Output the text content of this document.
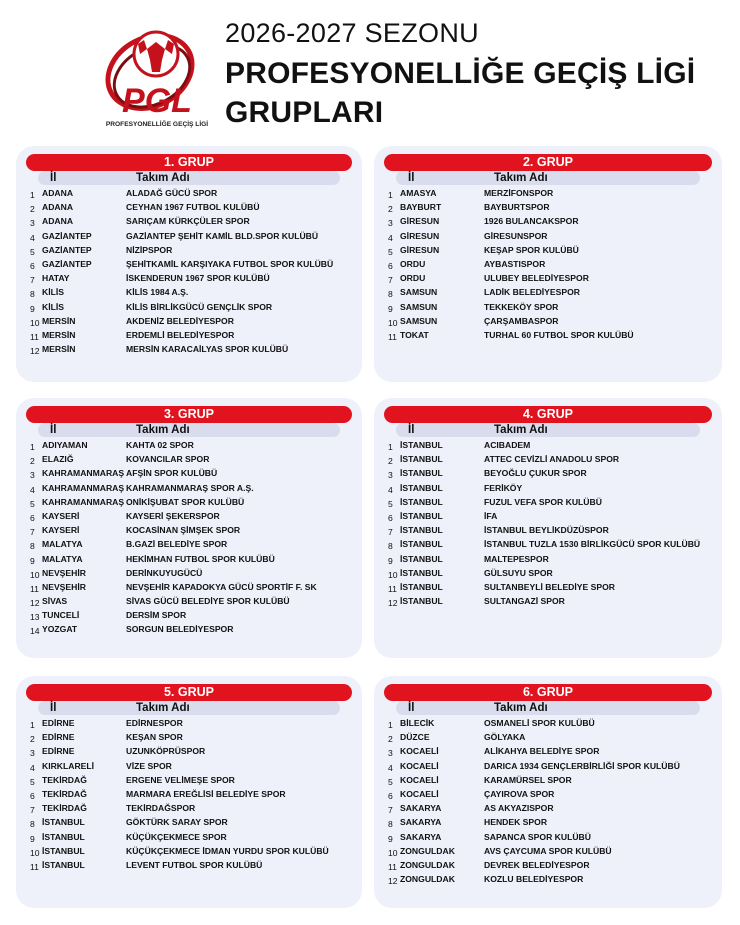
PGL
PROFESYONELLİĞE GEÇİŞ LİGİ
2026-2027 SEZONU
PROFESYONELLİĞE GEÇİŞ LİGİ
GRUPLARI
1. GRUP
İl	Takım Adı
1 ADANA	ALADAĞ GÜCÜ SPOR
2 ADANA	CEYHAN 1967 FUTBOL KULÜBÜ
3 ADANA	SARIÇAM KÜRKÇÜLER SPOR
4 GAZİANTEP	GAZİANTEP ŞEHİT KAMİL BLD.SPOR KULÜBÜ
5 GAZİANTEP	NİZİPSPOR
6 GAZİANTEP	ŞEHİTKAMİL KARŞIYAKA FUTBOL SPOR KULÜBÜ
7 HATAY	İSKENDERUN 1967 SPOR KULÜBÜ
8 KİLİS	KİLİS 1984 A.Ş.
9 KİLİS	KİLİS BİRLİKGÜCÜ GENÇLİK SPOR
10 MERSİN	AKDENİZ BELEDİYESPOR
11 MERSİN	ERDEMLİ BELEDİYESPOR
12 MERSİN	MERSİN KARACAİLYAS SPOR KULÜBÜ
2. GRUP
İl	Takım Adı
1 AMASYA	MERZİFONSPOR
2 BAYBURT	BAYBURTSPOR
3 GİRESUN	1926 BULANCAKSPOR
4 GİRESUN	GİRESUNSPOR
5 GİRESUN	KEŞAP SPOR KULÜBÜ
6 ORDU	AYBASTISPOR
7 ORDU	ULUBEY BELEDİYESPOR
8 SAMSUN	LADİK BELEDİYESPOR
9 SAMSUN	TEKKEKÖY SPOR
10 SAMSUN	ÇARŞAMBASPOR
11 TOKAT	TURHAL 60 FUTBOL SPOR KULÜBÜ
3. GRUP
İl	Takım Adı
1 ADIYAMAN	KAHTA 02 SPOR
2 ELAZIĞ	KOVANCILAR SPOR
3 KAHRAMANMARAŞ AFŞİN SPOR KULÜBÜ
4 KAHRAMANMARAŞ KAHRAMANMARAŞ SPOR A.Ş.
5 KAHRAMANMARAŞ ONİKİŞUBAT SPOR KULÜBÜ
6 KAYSERİ	KAYSERİ ŞEKERSPOR
7 KAYSERİ	KOCASİNAN ŞİMŞEK SPOR
8 MALATYA	B.GAZİ BELEDİYE SPOR
9 MALATYA	HEKİMHAN FUTBOL SPOR KULÜBÜ
10 NEVŞEHİR	DERİNKUYUGÜCÜ
11 NEVŞEHİR	NEVŞEHİR KAPADOKYA GÜCÜ SPORTİF F. SK
12 SİVAS	SİVAS GÜCÜ BELEDİYE SPOR KULÜBÜ
13 TUNCELİ	DERSİM SPOR
14 YOZGAT	SORGUN BELEDİYESPOR
4. GRUP
İl	Takım Adı
1 İSTANBUL	ACIBADEM
2 İSTANBUL	ATTEC CEVİZLİ ANADOLU SPOR
3 İSTANBUL	BEYOĞLU ÇUKUR SPOR
4 İSTANBUL	FERİKÖY
5 İSTANBUL	FUZUL VEFA SPOR KULÜBÜ
6 İSTANBUL	İFA
7 İSTANBUL	İSTANBUL BEYLİKDÜZÜSPOR
8 İSTANBUL	İSTANBUL TUZLA 1530 BİRLİKGÜCÜ SPOR KULÜBÜ
9 İSTANBUL	MALTEPESPOR
10 İSTANBUL	GÜLSUYU SPOR
11 İSTANBUL	SULTANBEYLİ BELEDİYE SPOR
12 İSTANBUL	SULTANGAZİ SPOR
5. GRUP
İl	Takım Adı
1 EDİRNE	EDİRNESPOR
2 EDİRNE	KEŞAN SPOR
3 EDİRNE	UZUNKÖPRÜSPOR
4 KIRKLARELİ	VİZE SPOR
5 TEKİRDAĞ	ERGENE VELİMEŞE SPOR
6 TEKİRDAĞ	MARMARA EREĞLİSİ BELEDİYE SPOR
7 TEKİRDAĞ	TEKİRDAĞSPOR
8 İSTANBUL	GÖKTÜRK SARAY SPOR
9 İSTANBUL	KÜÇÜKÇEKMECE SPOR
10 İSTANBUL	KÜÇÜKÇEKMECE İDMAN YURDU SPOR KULÜBÜ
11 İSTANBUL	LEVENT FUTBOL SPOR KULÜBÜ
6. GRUP
İl	Takım Adı
1 BİLECİK	OSMANELİ SPOR KULÜBÜ
2 DÜZCE	GÖLYAKA
3 KOCAELİ	ALİKAHYA BELEDİYE SPOR
4 KOCAELİ	DARICA 1934 GENÇLERBİRLİĞİ SPOR KULÜBÜ
5 KOCAELİ	KARAMÜRSEL SPOR
6 KOCAELİ	ÇAYIROVA SPOR
7 SAKARYA	AS AKYAZISPOR
8 SAKARYA	HENDEK SPOR
9 SAKARYA	SAPANCA SPOR KULÜBÜ
10 ZONGULDAK	AVS ÇAYCUMA SPOR KULÜBÜ
11 ZONGULDAK	DEVREK BELEDİYESPOR
12 ZONGULDAK	KOZLU BELEDİYESPOR
